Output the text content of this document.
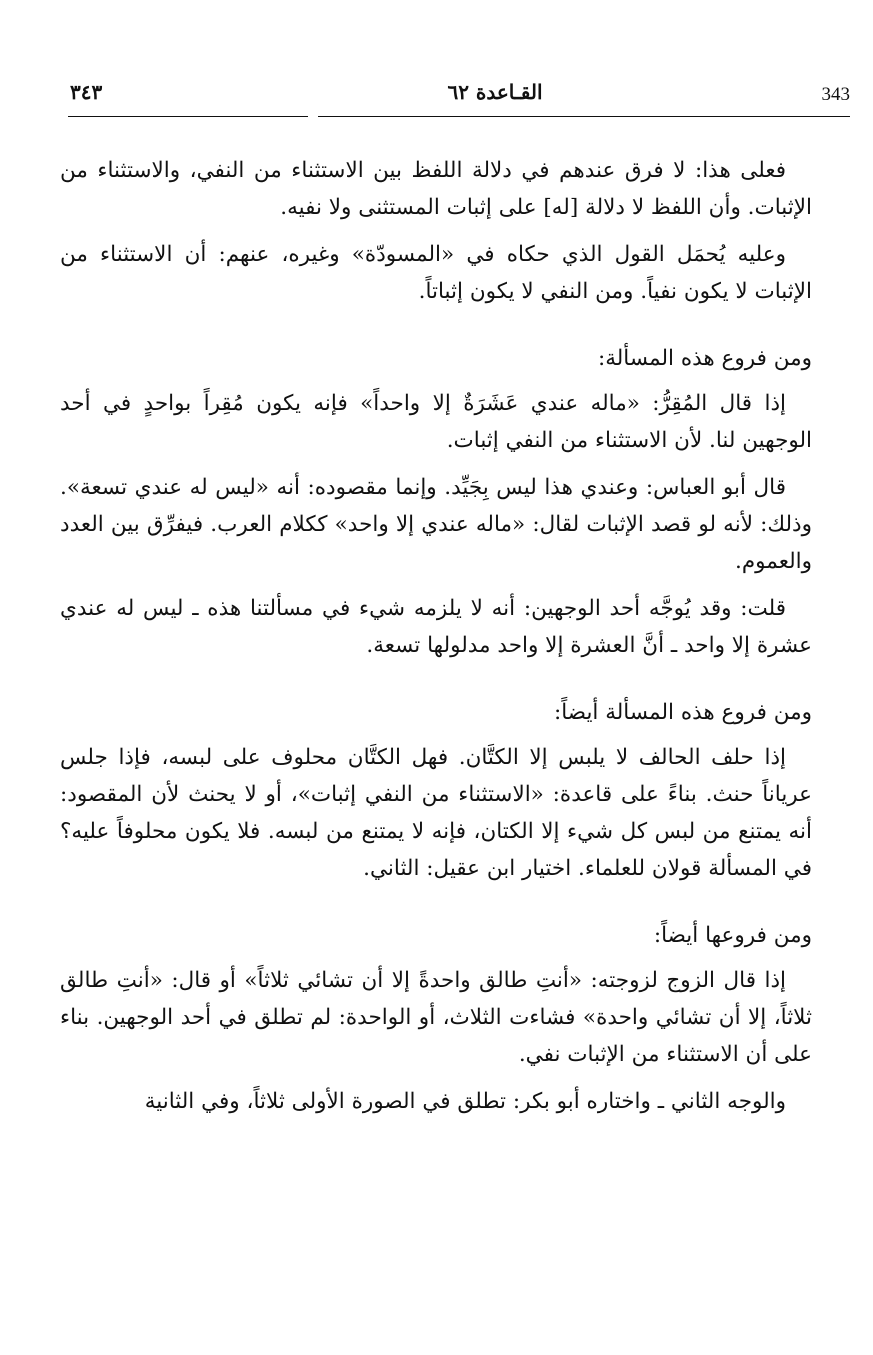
343
القـاعدة ٦٢
٣٤٣

فعلى هذا: لا فرق عندهم في دلالة اللفظ بين الاستثناء من النفي، والاستثناء من الإثبات. وأن اللفظ لا دلالة [له] على إثبات المستثنى ولا نفيه.

وعليه يُحمَل القول الذي حكاه في «المسودّة» وغيره، عنهم: أن الاستثناء من الإثبات لا يكون نفياً. ومن النفي لا يكون إثباتاً.

ومن فروع هذه المسألة:

إذا قال المُقِرُّ: «ماله عندي عَشَرَةٌ إلا واحداً» فإنه يكون مُقِراً بواحدٍ في أحد الوجهين لنا. لأن الاستثناء من النفي إثبات.

قال أبو العباس: وعندي هذا ليس بِجَيِّد. وإنما مقصوده: أنه «ليس له عندي تسعة». وذلك: لأنه لو قصد الإثبات لقال: «ماله عندي إلا واحد» ككلام العرب. فيفرِّق بين العدد والعموم.

قلت: وقد يُوجَّه أحد الوجهين: أنه لا يلزمه شيء في مسألتنا هذه ـ ليس له عندي عشرة إلا واحد ـ أنَّ العشرة إلا واحد مدلولها تسعة.

ومن فروع هذه المسألة أيضاً:

إذا حلف الحالف لا يلبس إلا الكتَّان. فهل الكتَّان محلوف على لبسه، فإذا جلس عرياناً حنث. بناءً على قاعدة: «الاستثناء من النفي إثبات»، أو لا يحنث لأن المقصود: أنه يمتنع من لبس كل شيء إلا الكتان، فإنه لا يمتنع من لبسه. فلا يكون محلوفاً عليه؟ في المسألة قولان للعلماء. اختيار ابن عقيل: الثاني.

ومن فروعها أيضاً:

إذا قال الزوج لزوجته: «أنتِ طالق واحدةً إلا أن تشائي ثلاثاً» أو قال: «أنتِ طالق ثلاثاً، إلا أن تشائي واحدة» فشاءت الثلاث، أو الواحدة: لم تطلق في أحد الوجهين. بناء على أن الاستثناء من الإثبات نفي.

والوجه الثاني ـ واختاره أبو بكر: تطلق في الصورة الأولى ثلاثاً، وفي الثانية
